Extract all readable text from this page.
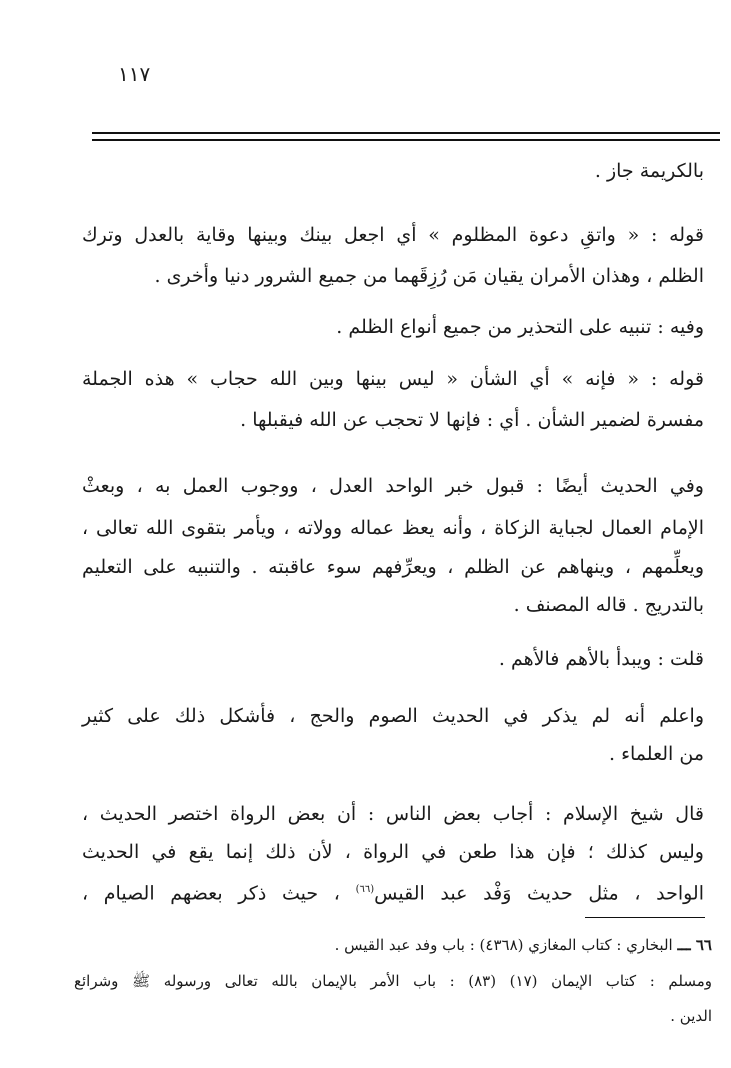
١١٧
بالكريمة جاز .
قوله : « واتقِ دعوة المظلوم » أي اجعل بينك وبينها وقاية بالعدل وترك
الظلم ، وهذان الأمران يقيان مَن رُزِقَهما من جميع الشرور دنيا وأخرى .
وفيه : تنبيه على التحذير من جميع أنواع الظلم .
قوله : « فإنه » أي الشأن « ليس بينها وبين الله حجاب » هذه الجملة
مفسرة لضمير الشأن . أي : فإنها لا تحجب عن الله فيقبلها .
وفي الحديث أيضًا : قبول خبر الواحد العدل ، ووجوب العمل به ، وبعثْ
الإمام العمال لجباية الزكاة ، وأنه يعظ عماله وولاته ، ويأمر بتقوى الله تعالى ،
ويعلِّمهم ، وينهاهم عن الظلم ، ويعرِّفهم سوء عاقبته . والتنبيه على التعليم
بالتدريج . قاله المصنف .
قلت : ويبدأ بالأهم فالأهم .
واعلم أنه لم يذكر في الحديث الصوم والحج ، فأشكل ذلك على كثير
من العلماء .
قال شيخ الإسلام : أجاب بعض الناس : أن بعض الرواة اختصر الحديث ،
وليس كذلك ؛ فإن هذا طعن في الرواة ، لأن ذلك إنما يقع في الحديث
الواحد ، مثل حديث وَفْد عبد القيس$^{(٦٦)}$ ، حيث ذكر بعضهم الصيام ،
٦٦ ـــ البخاري : كتاب المغازي (٤٣٦٨) : باب وفد عبد القيس .
ومسلم : كتاب الإيمان (١٧) (٨٣) : باب الأمر بالإيمان بالله تعالى ورسوله ﷺ وشرائع
الدين .
